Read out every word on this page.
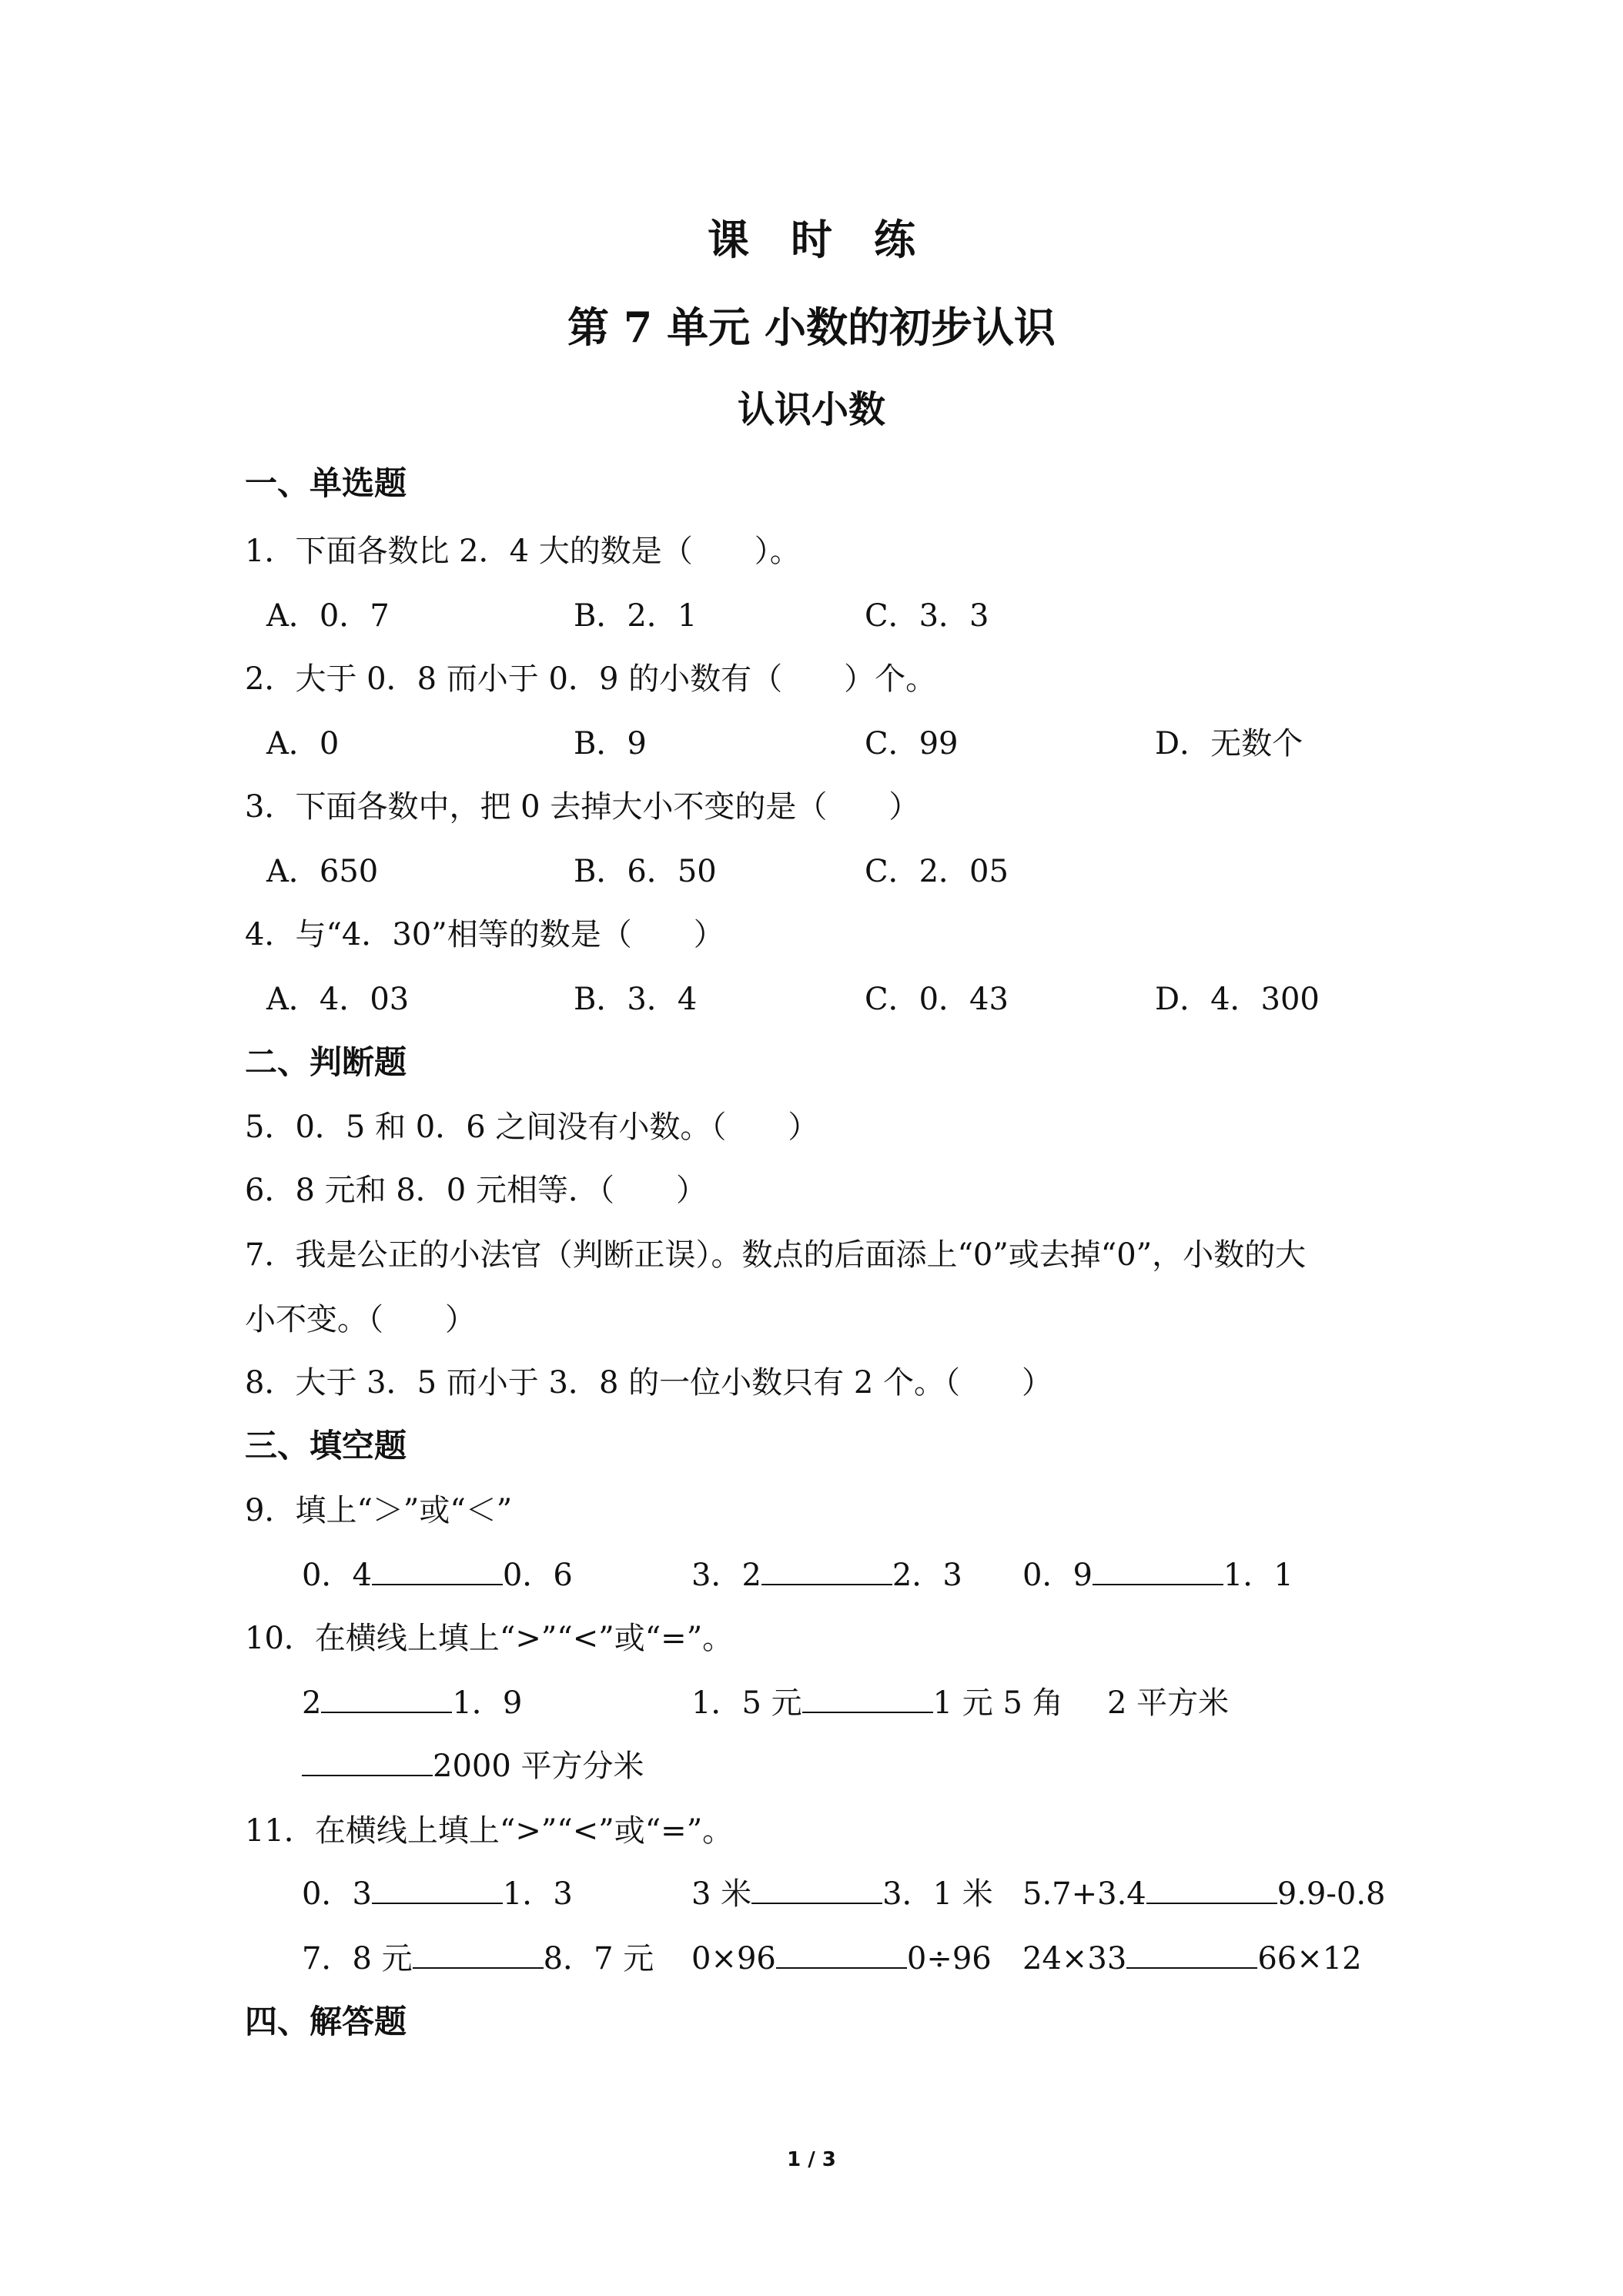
课　时　练
第 7 单元 小数的初步认识
认识小数
一、单选题
1．下面各数比 2．4 大的数是（　　）。
A．0．7	B．2．1	C．3．3
2．大于 0．8 而小于 0．9 的小数有（　　）个。
A．0	B．9	C．99	D．无数个
3．下面各数中，把 0 去掉大小不变的是（　　）
A．650	B．6．50	C．2．05
4．与“4．30”相等的数是（　　）
A．4．03	B．3．4	C．0．43	D．4．300
二、判断题
5．0．5 和 0．6 之间没有小数。（　　）
6．8 元和 8．0 元相等．（　　）
7．我是公正的小法官（判断正误）。数点的后面添上“0”或去掉“0”，小数的大
小不变。（　　）
8．大于 3．5 而小于 3．8 的一位小数只有 2 个。（　　）
三、填空题
9．填上“＞”或“＜”
0．4	0．6	3．2	2．3 0．9	1．1
10．在横线上填上“>”“<”或“=”。
2	1．9	1．5 元	1 元 5 角 2 平方米
2000 平方分米
11．在横线上填上“>”“<”或“=”。
0．3	1．3	3 米	3．1 米 5.7+3.4	9.9-0.8
7．8 元	8．7 元 0×96	0÷96 24×33	66×12
四、解答题
1 / 3
